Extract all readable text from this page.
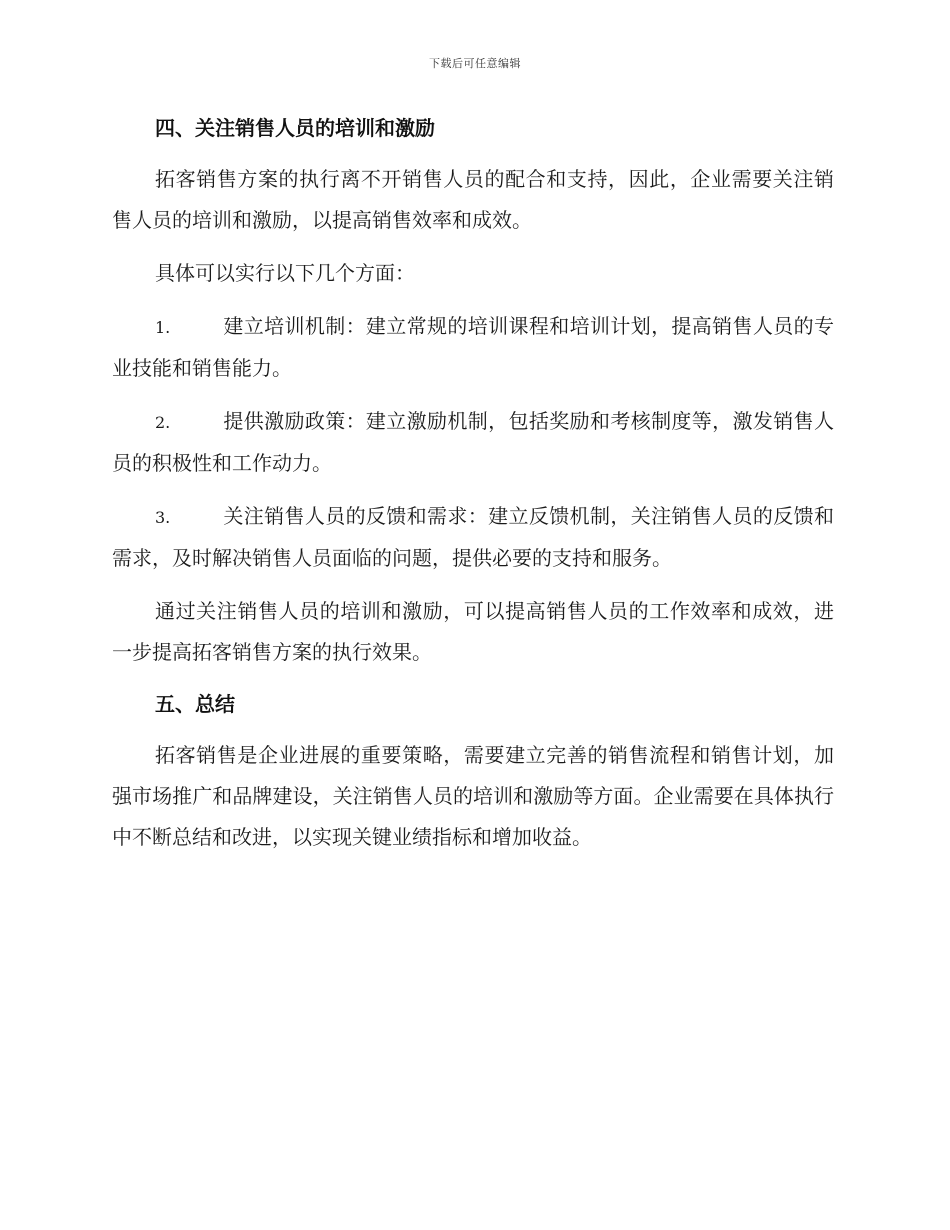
下载后可任意编辑
四、关注销售人员的培训和激励

拓客销售方案的执行离不开销售人员的配合和支持，因此，企业需要关注销售人员的培训和激励，以提高销售效率和成效。

具体可以实行以下几个方面：

1.	建立培训机制：建立常规的培训课程和培训计划，提高销售人员的专业技能和销售能力。

2.	提供激励政策：建立激励机制，包括奖励和考核制度等，激发销售人员的积极性和工作动力。

3.	关注销售人员的反馈和需求：建立反馈机制，关注销售人员的反馈和需求，及时解决销售人员面临的问题，提供必要的支持和服务。

通过关注销售人员的培训和激励，可以提高销售人员的工作效率和成效，进一步提高拓客销售方案的执行效果。

五、总结

拓客销售是企业进展的重要策略，需要建立完善的销售流程和销售计划，加强市场推广和品牌建设，关注销售人员的培训和激励等方面。企业需要在具体执行中不断总结和改进，以实现关键业绩指标和增加收益。
